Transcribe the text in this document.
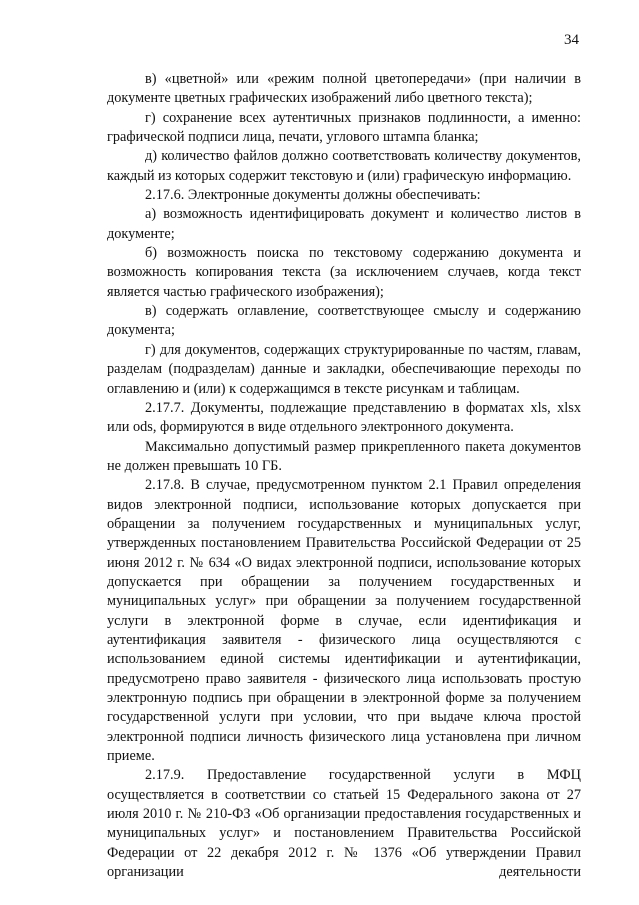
34

в) «цветной» или «режим полной цветопередачи» (при наличии в документе цветных графических изображений либо цветного текста);

г) сохранение всех аутентичных признаков подлинности, а именно: графической подписи лица, печати, углового штампа бланка;

д) количество файлов должно соответствовать количеству документов, каждый из которых содержит текстовую и (или) графическую информацию.

2.17.6. Электронные документы должны обеспечивать:

а) возможность идентифицировать документ и количество листов в документе;

б) возможность поиска по текстовому содержанию документа и возможность копирования текста (за исключением случаев, когда текст является частью графического изображения);

в) содержать оглавление, соответствующее смыслу и содержанию документа;

г) для документов, содержащих структурированные по частям, главам, разделам (подразделам) данные и закладки, обеспечивающие переходы по оглавлению и (или) к содержащимся в тексте рисункам и таблицам.

2.17.7. Документы, подлежащие представлению в форматах xls, xlsx или ods, формируются в виде отдельного электронного документа.

Максимально допустимый размер прикрепленного пакета документов не должен превышать 10 ГБ.

2.17.8. В случае, предусмотренном пунктом 2.1 Правил определения видов электронной подписи, использование которых допускается при обращении за получением государственных и муниципальных услуг, утвержденных постановлением Правительства Российской Федерации от 25 июня 2012 г. № 634 «О видах электронной подписи, использование которых допускается при обращении за получением государственных и муниципальных услуг» при обращении за получением государственной услуги в электронной форме в случае, если идентификация и аутентификация заявителя - физического лица осуществляются с использованием единой системы идентификации и аутентификации, предусмотрено право заявителя - физического лица использовать простую электронную подпись при обращении в электронной форме за получением государственной услуги при условии, что при выдаче ключа простой электронной подписи личность физического лица установлена при личном приеме.

2.17.9. Предоставление государственной услуги в МФЦ осуществляется в соответствии со статьей 15 Федерального закона от 27 июля 2010 г. № 210-ФЗ «Об организации предоставления государственных и муниципальных услуг» и постановлением Правительства Российской Федерации от 22 декабря 2012 г. № 1376 «Об утверждении Правил организации деятельности
